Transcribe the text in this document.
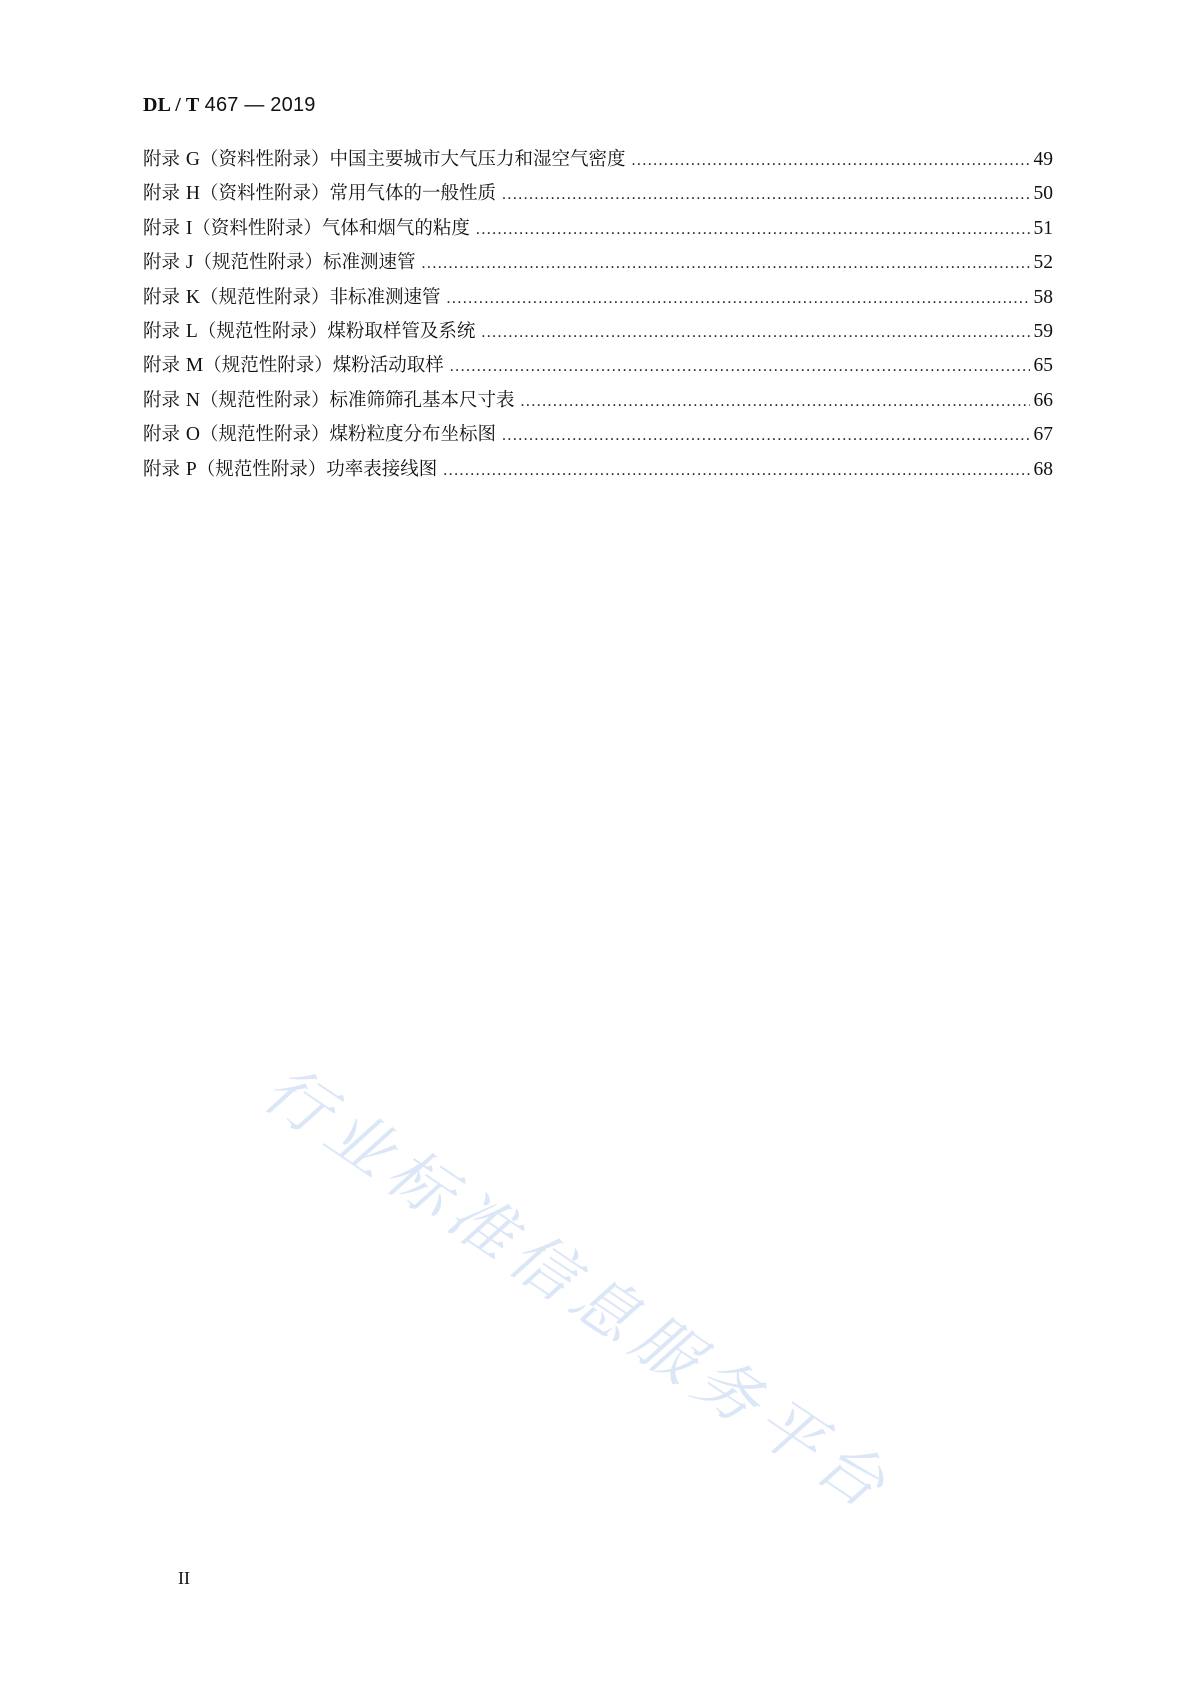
DL / T 467 — 2019
附录 G（资料性附录）中国主要城市大气压力和湿空气密度 .....	49
附录 H（资料性附录）常用气体的一般性质 .....	50
附录 I（资料性附录）气体和烟气的粘度 .....	51
附录 J（规范性附录）标准测速管 .....	52
附录 K（规范性附录）非标准测速管 .....	58
附录 L（规范性附录）煤粉取样管及系统 .....	59
附录 M（规范性附录）煤粉活动取样 .....	65
附录 N（规范性附录）标准筛筛孔基本尺寸表 .....	66
附录 O（规范性附录）煤粉粒度分布坐标图 .....	67
附录 P（规范性附录）功率表接线图 .....	68
行业标准信息服务平台
II
